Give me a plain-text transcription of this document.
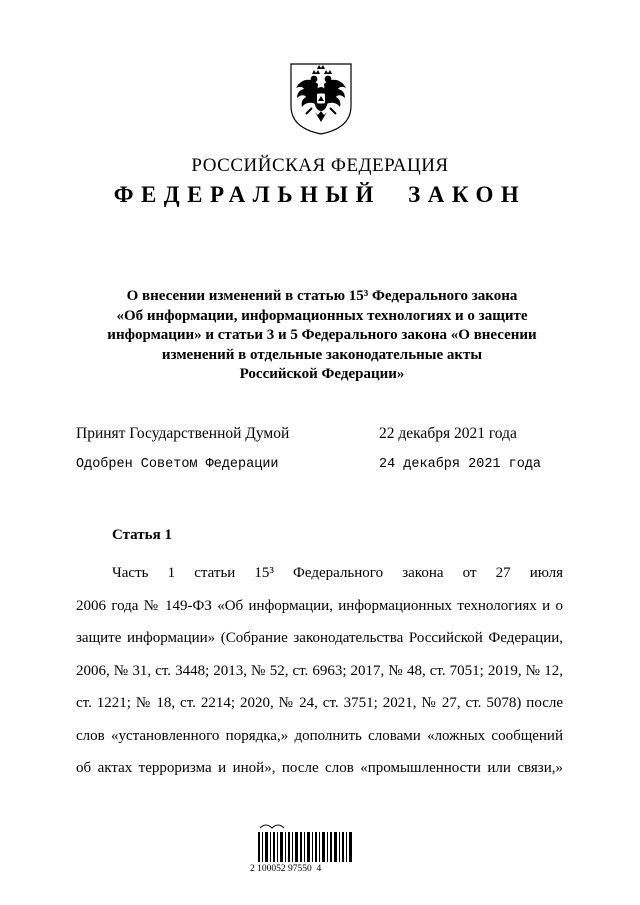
РОССИЙСКАЯ ФЕДЕРАЦИЯ
ФЕДЕРАЛЬНЫЙ ЗАКОН

О внесении изменений в статью 15³ Федерального закона

«Об информации, информационных технологиях и о защите

информации» и статьи 3 и 5 Федерального закона «О внесении

изменений в отдельные законодательные акты

Российской Федерации»

Принят Государственной Думой	22 декабря 2021 года
Одобрен Советом Федерации	24 декабря 2021 года
Статья 1
Часть 1 статьи 15³ Федерального закона от 27 июля
2006 года № 149-ФЗ «Об информации, информационных технологиях и о
защите информации» (Собрание законодательства Российской Федерации,
2006, № 31, ст. 3448; 2013, № 52, ст. 6963; 2017, № 48, ст. 7051; 2019, № 12,
ст. 1221; № 18, ст. 2214; 2020, № 24, ст. 3751; 2021, № 27, ст. 5078) после
слов «установленного порядка,» дополнить словами «ложных сообщений
об актах терроризма и иной», после слов «промышленности или связи,»
2 100052 97550  4
